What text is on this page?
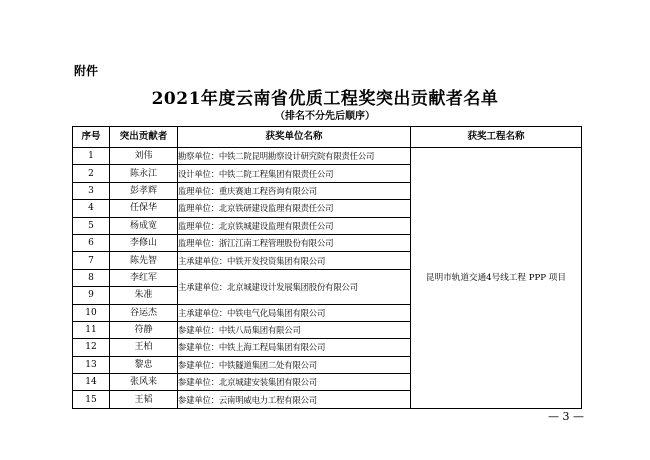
附件
2021年度云南省优质工程奖突出贡献者名单
（排名不分先后顺序）
序号	突出贡献者	获奖单位名称	获奖工程名称
1	刘伟	勘察单位：中铁二院昆明勘察设计研究院有限责任公司	昆明市轨道交通4号线工程 PPP 项目
2	陈永江	设计单位：中铁二院工程集团有限责任公司	
3	彭孝辉	监理单位：重庆赛迪工程咨询有限公司	
4	任保华	监理单位：北京铁研建设监理有限责任公司	
5	杨成宽	监理单位：北京铁城建设监理有限责任公司	
6	李修山	监理单位：浙江江南工程管理股份有限公司	
7	陈先智	主承建单位：中铁开发投资集团有限公司	
8	李红军	主承建单位：北京城建设计发展集团股份有限公司	
9	朱准		
10	谷运杰	主承建单位：中铁电气化局集团有限公司	
11	符静	参建单位：中铁八局集团有限公司	
12	王柏	参建单位：中铁上海工程局集团有限公司	
13	黎忠	参建单位：中铁隧道集团二处有限公司	
14	张风来	参建单位：北京城建安装集团有限公司	
15	王韬	参建单位：云南明威电力工程有限公司	
— 3 —
